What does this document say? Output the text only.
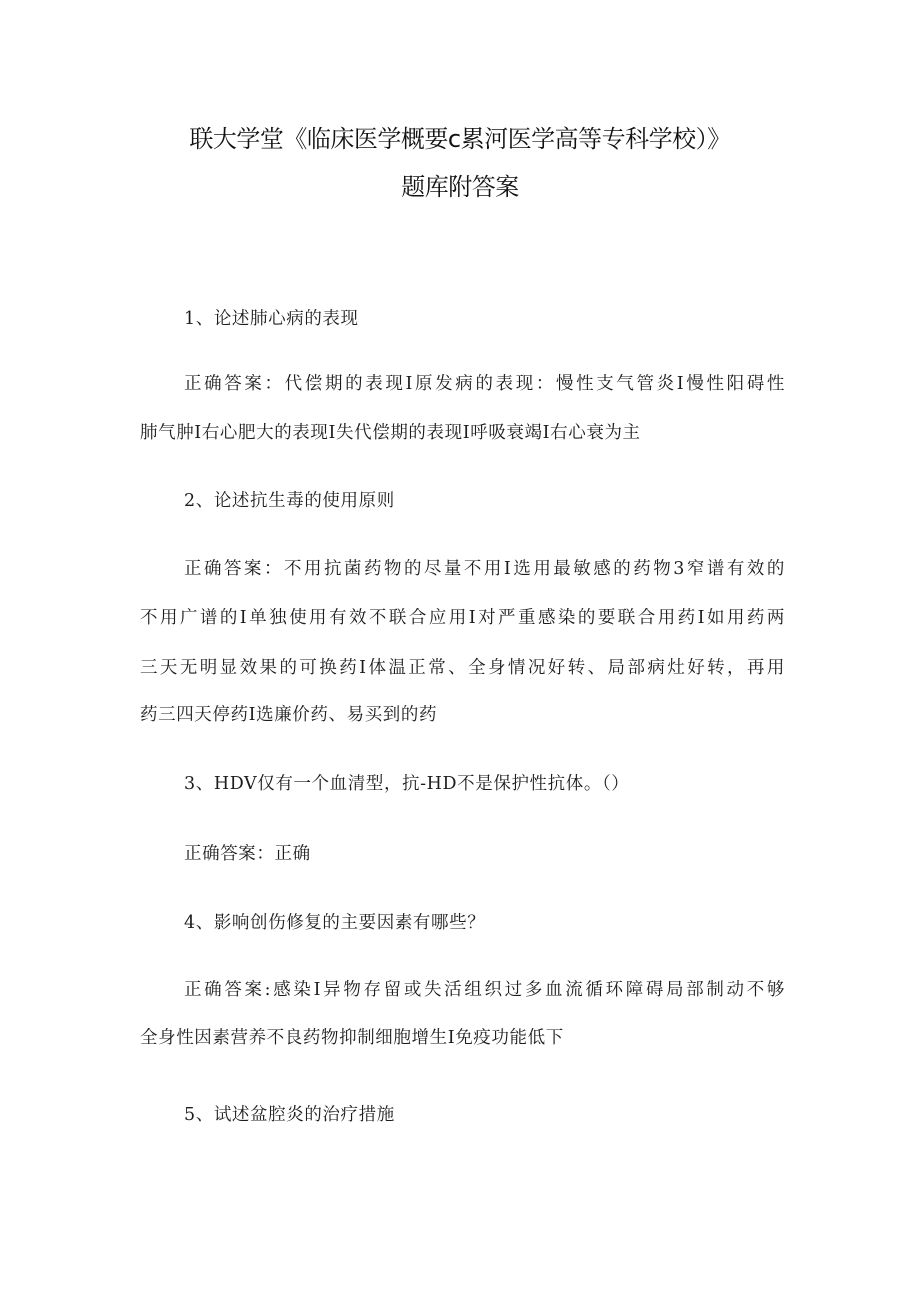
联大学堂《临床医学概要c累河医学高等专科学校）》
题库附答案
1、论述肺心病的表现
正确答案：代偿期的表现I原发病的表现：慢性支气管炎I慢性阳碍性
肺气肿I右心肥大的表现I失代偿期的表现I呼吸衰竭I右心衰为主
2、论述抗生毒的使用原则
正确答案：不用抗菌药物的尽量不用I选用最敏感的药物3窄谱有效的
不用广谱的I单独使用有效不联合应用I对严重感染的要联合用药I如用药两
三天无明显效果的可换药I体温正常、全身情况好转、局部病灶好转，再用
药三四天停药I选廉价药、易买到的药
3、HDV仅有一个血清型，抗-HD不是保护性抗体。（）
正确答案：正确
4、影响创伤修复的主要因素有哪些？
正确答案:感染I异物存留或失活组织过多血流循环障碍局部制动不够
全身性因素营养不良药物抑制细胞增生I免疫功能低下
5、试述盆腔炎的治疗措施
